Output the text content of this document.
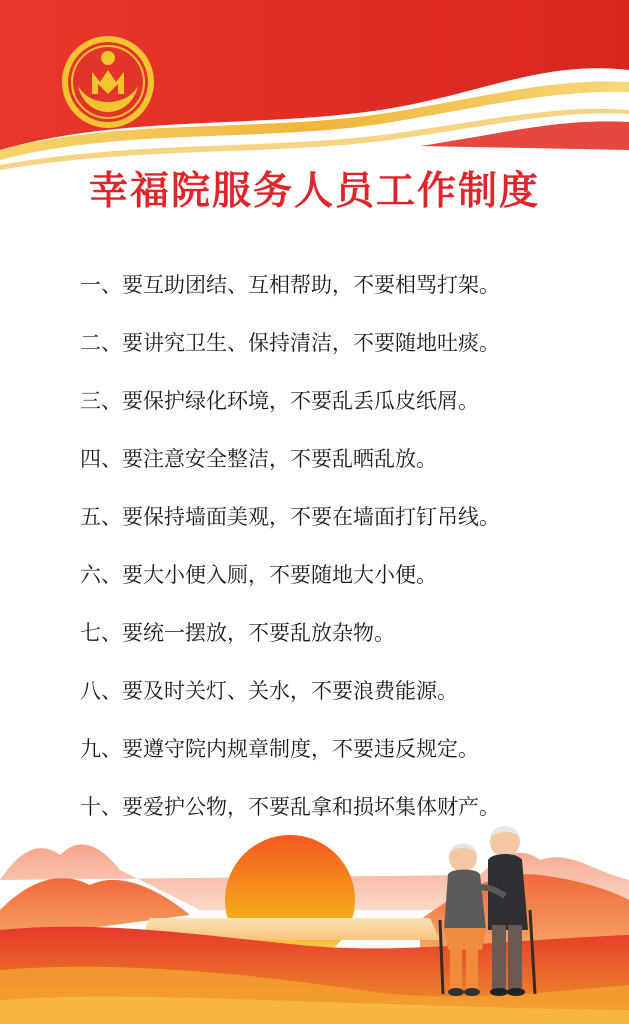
幸福院服务人员工作制度
一、要互助团结、互相帮助，不要相骂打架。
二、要讲究卫生、保持清洁，不要随地吐痰。
三、要保护绿化环境，不要乱丢瓜皮纸屑。
四、要注意安全整洁，不要乱晒乱放。
五、要保持墙面美观，不要在墙面打钉吊线。
六、要大小便入厕，不要随地大小便。
七、要统一摆放，不要乱放杂物。
八、要及时关灯、关水，不要浪费能源。
九、要遵守院内规章制度，不要违反规定。
十、要爱护公物，不要乱拿和损坏集体财产。
